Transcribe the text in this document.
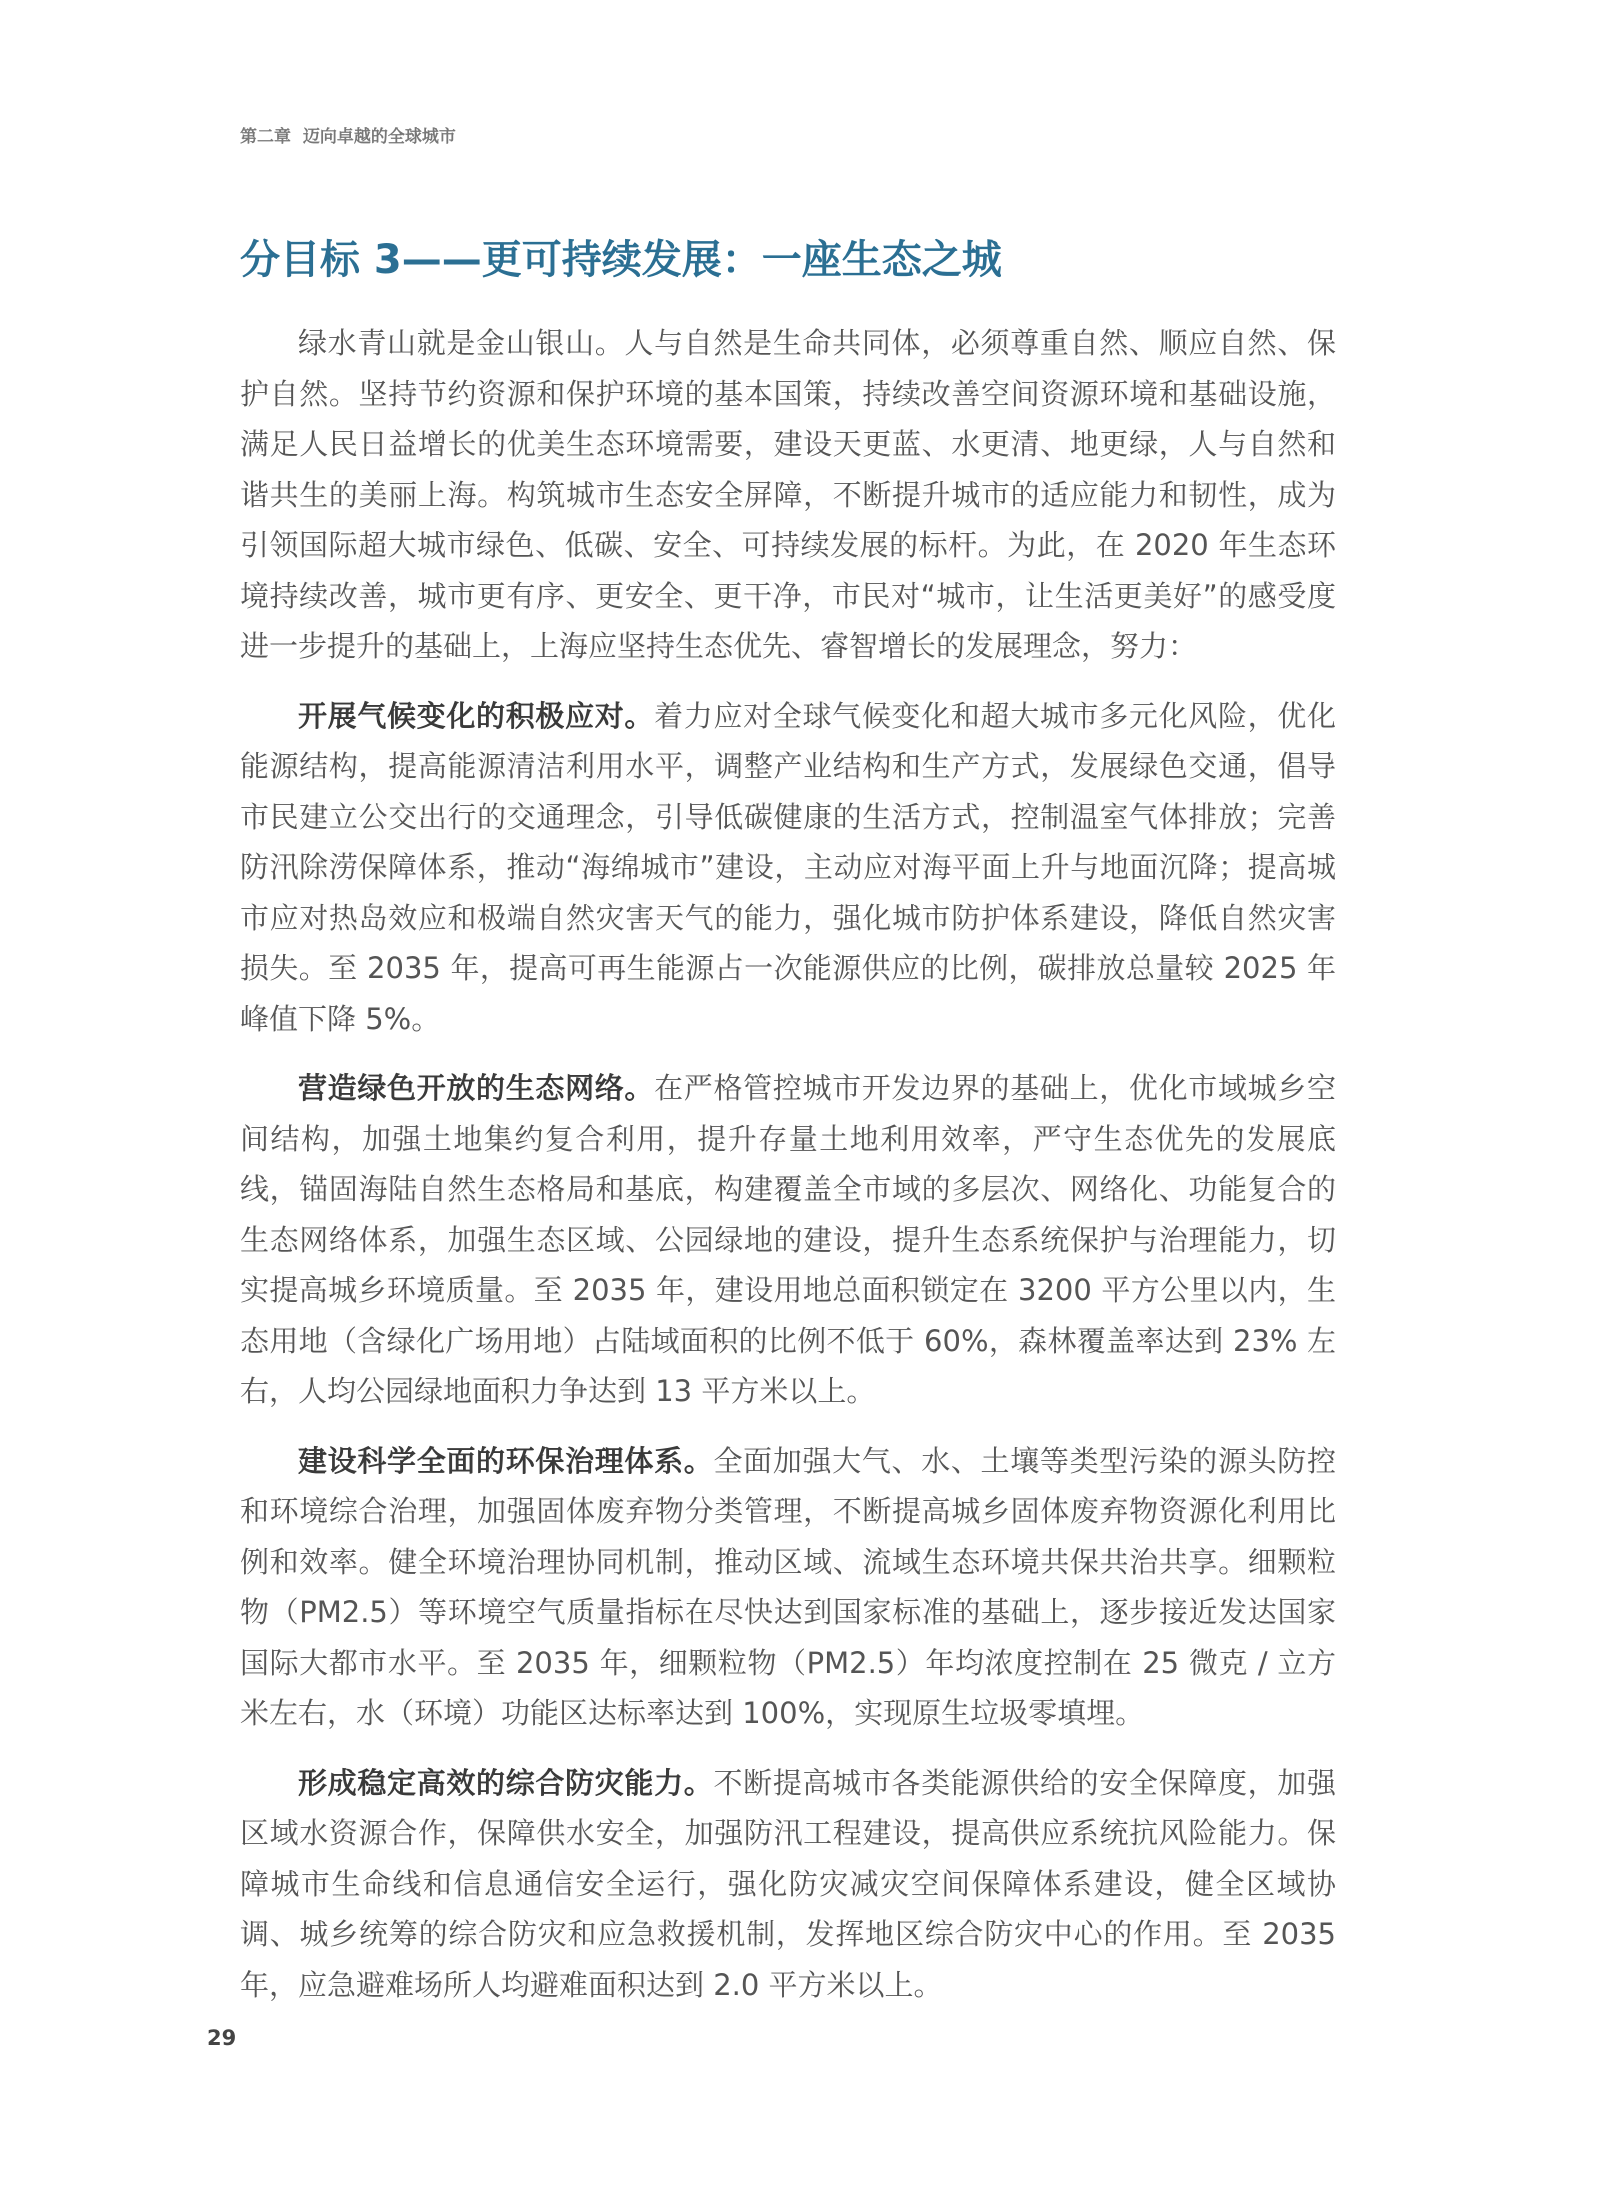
第二章 迈向卓越的全球城市
分目标 3——更可持续发展：一座生态之城

绿水青山就是金山银山。人与自然是生命共同体，必须尊重自然、顺应自然、保护自然。坚持节约资源和保护环境的基本国策，持续改善空间资源环境和基础设施，满足人民日益增长的优美生态环境需要，建设天更蓝、水更清、地更绿，人与自然和谐共生的美丽上海。构筑城市生态安全屏障，不断提升城市的适应能力和韧性，成为引领国际超大城市绿色、低碳、安全、可持续发展的标杆。为此，在 2020 年生态环境持续改善，城市更有序、更安全、更干净，市民对“城市，让生活更美好”的感受度进一步提升的基础上，上海应坚持生态优先、睿智增长的发展理念，努力：

开展气候变化的积极应对。着力应对全球气候变化和超大城市多元化风险，优化能源结构，提高能源清洁利用水平，调整产业结构和生产方式，发展绿色交通，倡导市民建立公交出行的交通理念，引导低碳健康的生活方式，控制温室气体排放；完善防汛除涝保障体系，推动“海绵城市”建设，主动应对海平面上升与地面沉降；提高城市应对热岛效应和极端自然灾害天气的能力，强化城市防护体系建设，降低自然灾害损失。至 2035 年，提高可再生能源占一次能源供应的比例，碳排放总量较 2025 年峰值下降 5%。

营造绿色开放的生态网络。在严格管控城市开发边界的基础上，优化市域城乡空间结构，加强土地集约复合利用，提升存量土地利用效率，严守生态优先的发展底线，锚固海陆自然生态格局和基底，构建覆盖全市域的多层次、网络化、功能复合的生态网络体系，加强生态区域、公园绿地的建设，提升生态系统保护与治理能力，切实提高城乡环境质量。至 2035 年，建设用地总面积锁定在 3200 平方公里以内，生态用地（含绿化广场用地）占陆域面积的比例不低于 60%，森林覆盖率达到 23% 左右，人均公园绿地面积力争达到 13 平方米以上。

建设科学全面的环保治理体系。全面加强大气、水、土壤等类型污染的源头防控和环境综合治理，加强固体废弃物分类管理，不断提高城乡固体废弃物资源化利用比例和效率。健全环境治理协同机制，推动区域、流域生态环境共保共治共享。细颗粒物（PM2.5）等环境空气质量指标在尽快达到国家标准的基础上，逐步接近发达国家国际大都市水平。至 2035 年，细颗粒物（PM2.5）年均浓度控制在 25 微克 / 立方米左右，水（环境）功能区达标率达到 100%，实现原生垃圾零填埋。

形成稳定高效的综合防灾能力。不断提高城市各类能源供给的安全保障度，加强区域水资源合作，保障供水安全，加强防汛工程建设，提高供应系统抗风险能力。保障城市生命线和信息通信安全运行，强化防灾减灾空间保障体系建设，健全区域协调、城乡统筹的综合防灾和应急救援机制，发挥地区综合防灾中心的作用。至 2035 年，应急避难场所人均避难面积达到 2.0 平方米以上。

29
